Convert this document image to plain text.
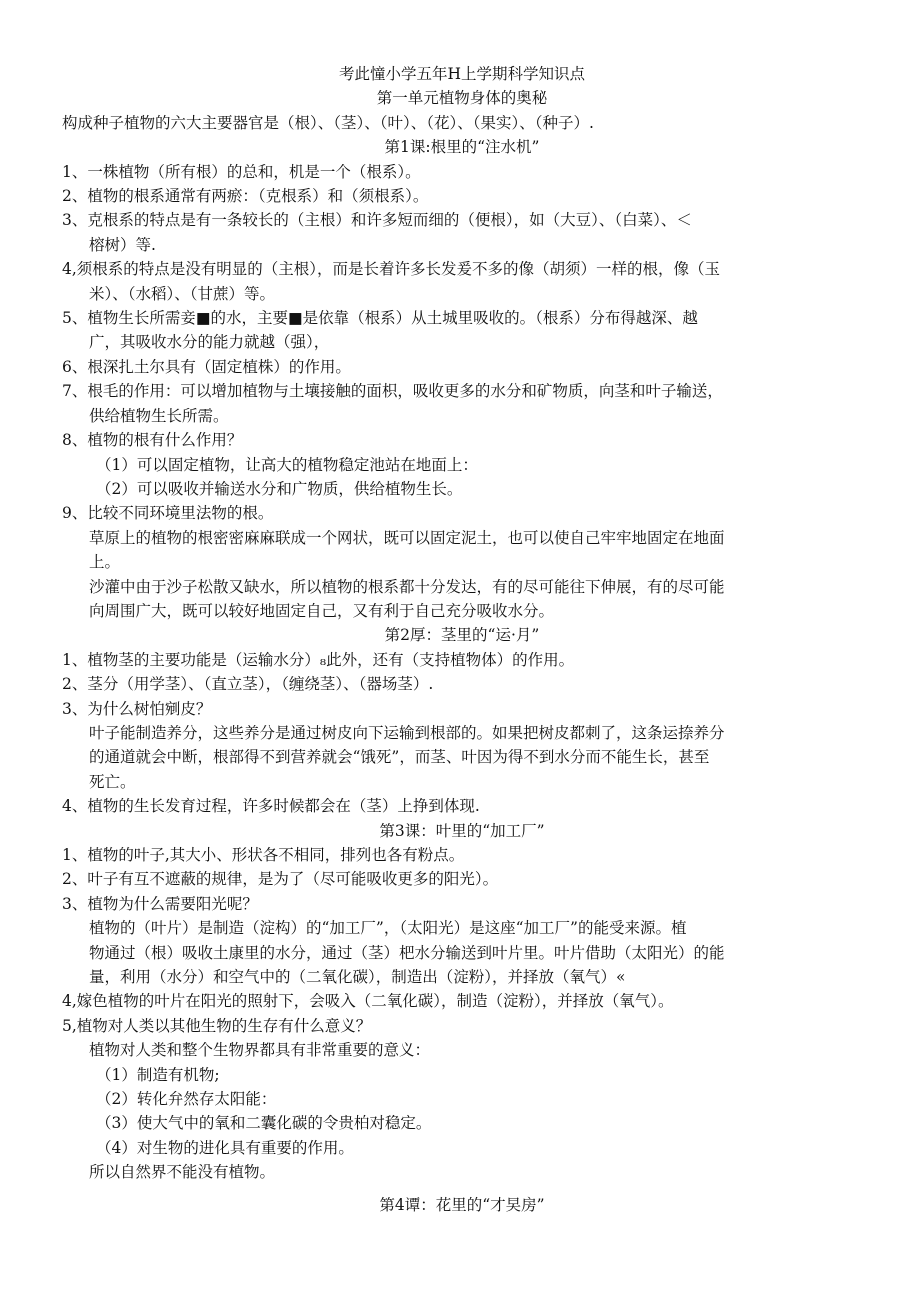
考此憧小学五年H上学期科学知识点
第一单元植物身体的奥秘
构成种子植物的六大主要器官是（根）、（茎）、（叶）、（花）、（果实）、（种子）.
第1课:根里的“注水机”
1、一株植物（所有根）的总和，机是一个（根系）。
2、植物的根系通常有两瘀：（克根系）和（须根系）。
3、克根系的特点是有一条较长的（主根）和许多短而细的（便根），如（大豆）、（白菜）、＜
榕树）等.
4,须根系的特点是没有明显的（主根），而是长着许多长发爰不多的像（胡须）一样的根，像（玉
米）、（水稻）、（甘蔗）等。
5、植物生长所需妾■的水，主要■是依靠（根系）从土城里吸收的。（根系）分布得越深、越
广，其吸收水分的能力就越（强），
6、根深扎土尔具有（固定植株）的作用。
7、根毛的作用：可以增加植物与土壤接触的面枳，吸收更多的水分和矿物质，向茎和叶子输送，
供给植物生长所需。
8、植物的根有什么作用？
（1）可以固定植物，让高大的植物稳定池站在地面上：
（2）可以吸收并输送水分和广物质，供给植物生长。
9、比较不同环境里法物的根。
草原上的植物的根密密麻麻联成一个网状，既可以固定泥土，也可以使自己牢牢地固定在地面
上。
沙灌中由于沙子松散又缺水，所以植物的根系都十分发达，有的尽可能往下伸展，有的尽可能
向周围广大，既可以较好地固定自己，又有利于自己充分吸收水分。
第2厚：茎里的“运·月”
1、植物茎的主要功能是（运输水分）₈此外，还有（支持植物体）的作用。
2、茎分（用学茎）、（直立茎），（缠绕茎）、（器场茎）.
3、为什么树怕剜皮？
叶子能制造养分，这些养分是通过树皮向下运输到根部的。如果把树皮都刺了，这条运捺养分
的通道就会中断，根部得不到营养就会“饿死”，而茎、叶因为得不到水分而不能生长，甚至
死亡。
4、植物的生长发育过程，许多时候都会在（茎）上挣到体现.
第3课：叶里的“加工厂”
1、植物的叶子,其大小、形状各不相同，排列也各有粉点。
2、叶子有互不遮蔽的规律，是为了（尽可能吸收更多的阳光）。
3、植物为什么需要阳光呢？
植物的（叶片）是制造（淀构）的“加工厂”，（太阳光）是这座“加工厂”的能受来源。植
物通过（根）吸收土康里的水分，通过（茎）杷水分输送到叶片里。叶片借助（太阳光）的能
量，利用（水分）和空气中的（二氧化碳），制造出（淀粉），并择放（氧气）«
4,嫁色植物的叶片在阳光的照射下，会吸入（二氧化碳），制造（淀粉），并择放（氧气）。
5,植物对人类以其他生物的生存有什么意义？
植物对人类和整个生物界都具有非常重要的意义：
（1）制造有机物;
（2）转化弁然存太阳能：
（3）使大气中的氧和二囊化碳的令贵柏对稳定。
（4）对生物的进化具有重要的作用。
所以自然界不能没有植物。
第4谭：花里的“才旲房”
